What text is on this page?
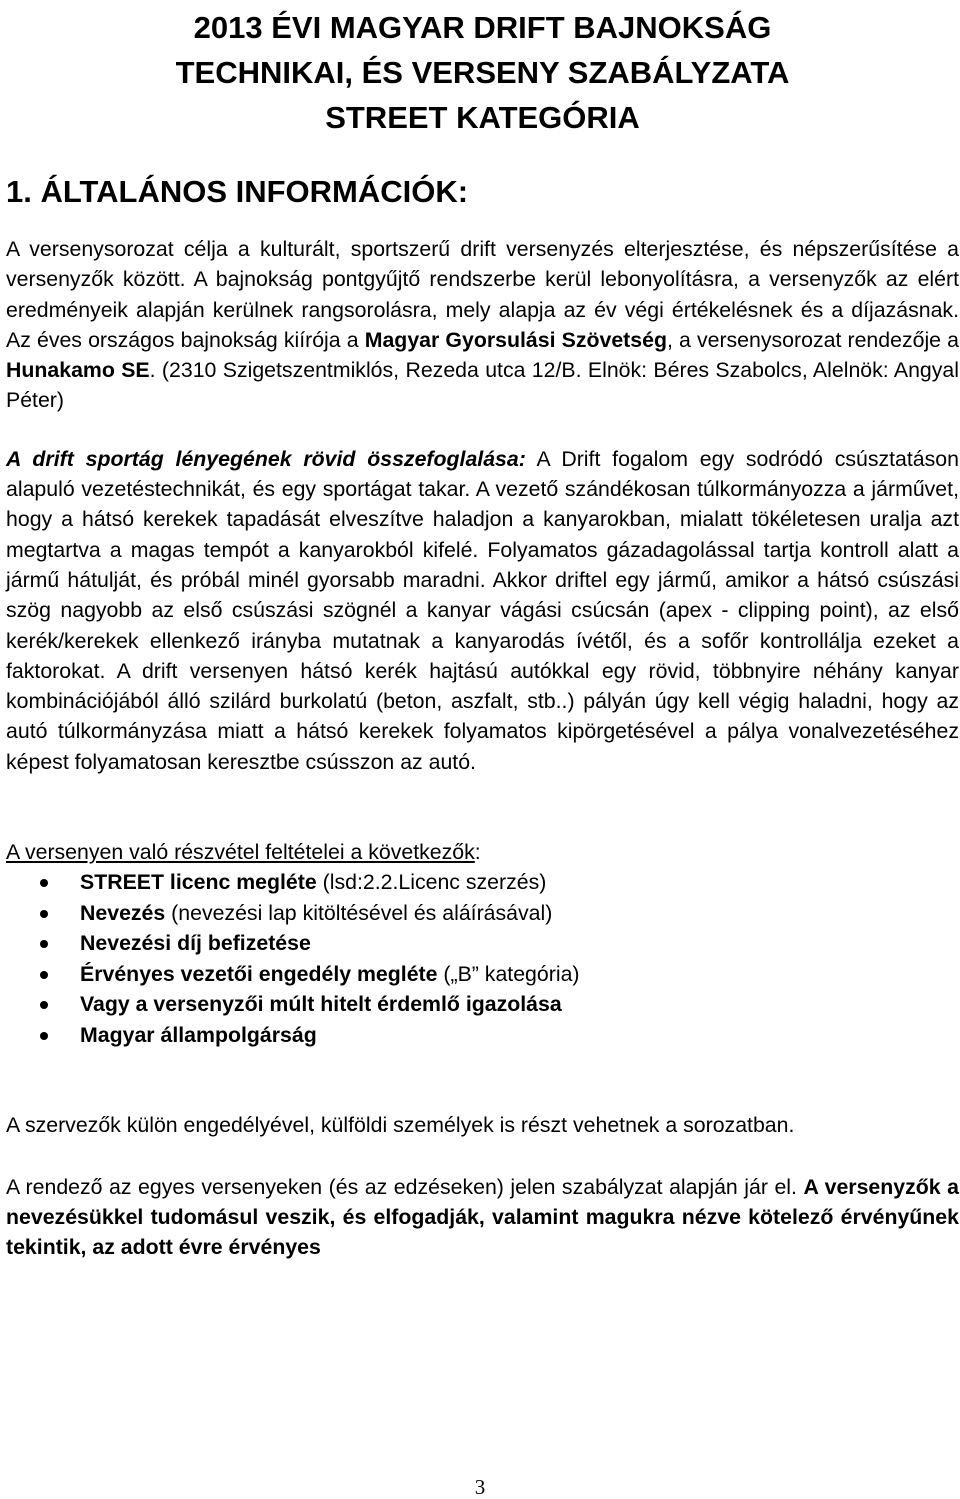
2013 ÉVI MAGYAR DRIFT BAJNOKSÁG
TECHNIKAI, ÉS VERSENY SZABÁLYZATA
STREET KATEGÓRIA
1. ÁLTALÁNOS INFORMÁCIÓK:

A versenysorozat célja a kulturált, sportszerű drift versenyzés elterjesztése, és népszerűsítése a versenyzők között. A bajnokság pontgyűjtő rendszerbe kerül lebonyolításra, a versenyzők az elért eredményeik alapján kerülnek rangsorolásra, mely alapja az év végi értékelésnek és a díjazásnak. Az éves országos bajnokság kiírója a Magyar Gyorsulási Szövetség, a versenysorozat rendezője a Hunakamo SE. (2310 Szigetszentmiklós, Rezeda utca 12/B. Elnök: Béres Szabolcs, Alelnök: Angyal Péter)

A drift sportág lényegének rövid összefoglalása: A Drift fogalom egy sodródó csúsztatáson alapuló vezetéstechnikát, és egy sportágat takar. A vezető szándékosan túlkormányozza a járművet, hogy a hátsó kerekek tapadását elveszítve haladjon a kanyarokban, mialatt tökéletesen uralja azt megtartva a magas tempót a kanyarokból kifelé. Folyamatos gázadagolással tartja kontroll alatt a jármű hátulját, és próbál minél gyorsabb maradni. Akkor driftel egy jármű, amikor a hátsó csúszási szög nagyobb az első csúszási szögnél a kanyar vágási csúcsán (apex - clipping point), az első kerék/kerekek ellenkező irányba mutatnak a kanyarodás ívétől, és a sofőr kontrollálja ezeket a faktorokat. A drift versenyen hátsó kerék hajtású autókkal egy rövid, többnyire néhány kanyar kombinációjából álló szilárd burkolatú (beton, aszfalt, stb..) pályán úgy kell végig haladni, hogy az autó túlkormányzása miatt a hátsó kerekek folyamatos kipörgetésével a pálya vonalvezetéséhez képest folyamatosan keresztbe csússzon az autó.

A versenyen való részvétel feltételei a következők:

STREET licenc megléte (lsd:2.2.Licenc szerzés)
Nevezés (nevezési lap kitöltésével és aláírásával)
Nevezési díj befizetése
Érvényes vezetői engedély megléte („B” kategória)
Vagy a versenyzői múlt hitelt érdemlő igazolása
Magyar állampolgárság

A szervezők külön engedélyével, külföldi személyek is részt vehetnek a sorozatban.

A rendező az egyes versenyeken (és az edzéseken) jelen szabályzat alapján jár el. A versenyzők a nevezésükkel tudomásul veszik, és elfogadják, valamint magukra nézve kötelező érvényűnek tekintik, az adott évre érvényes

3
